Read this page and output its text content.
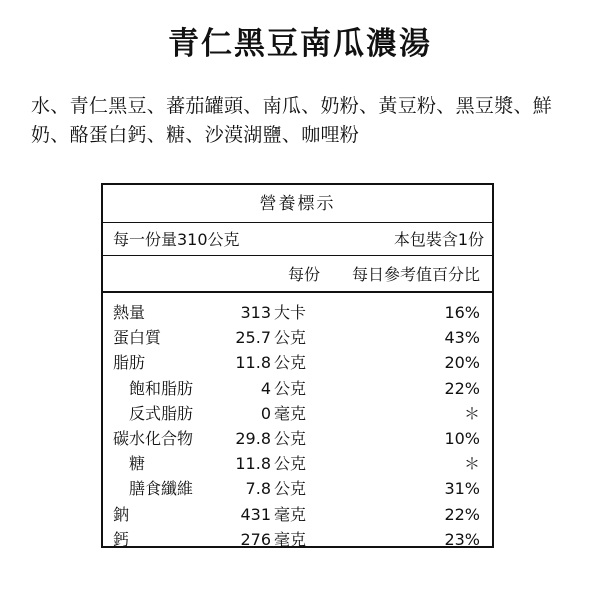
青仁黑豆南瓜濃湯
水、青仁黑豆、蕃茄罐頭、南瓜、奶粉、黃豆粉、黑豆漿、鮮奶、酪蛋白鈣、糖、沙漠湖鹽、咖哩粉
營養標示
每一份量310公克	本包裝含1份
每份	每日參考值百分比
熱量	313 大卡	16%
蛋白質	25.7 公克	43%
脂肪	11.8 公克	20%
飽和脂肪	4 公克	22%
反式脂肪	0 毫克	＊
碳水化合物	29.8 公克	10%
糖	11.8 公克	＊
膳食纖維	7.8 公克	31%
鈉	431 毫克	22%
鈣	276 毫克	23%
